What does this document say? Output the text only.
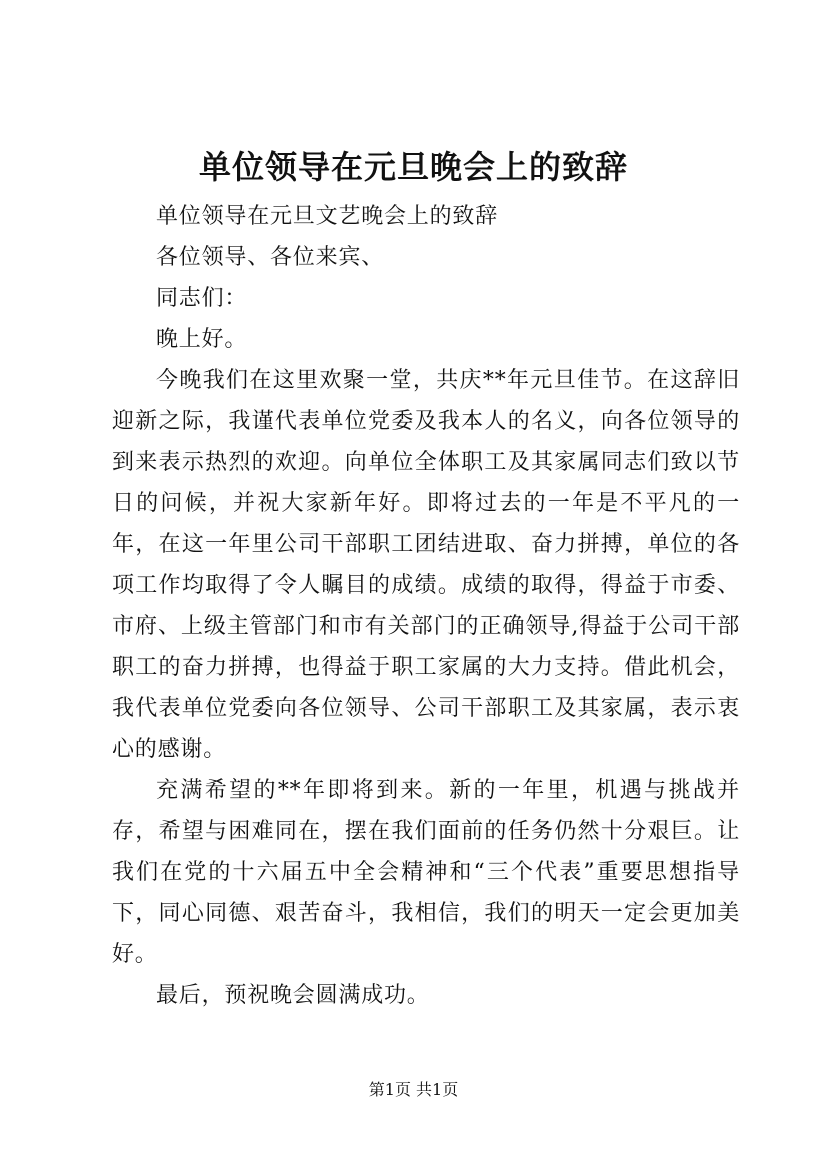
单位领导在元旦晚会上的致辞

单位领导在元旦文艺晚会上的致辞

各位领导、各位来宾、

同志们：

晚上好。

今晚我们在这里欢聚一堂，共庆**年元旦佳节。在这辞旧迎新之际，我谨代表单位党委及我本人的名义，向各位领导的到来表示热烈的欢迎。向单位全体职工及其家属同志们致以节日的问候，并祝大家新年好。即将过去的一年是不平凡的一年，在这一年里公司干部职工团结进取、奋力拼搏，单位的各项工作均取得了令人瞩目的成绩。成绩的取得，得益于市委、市府、上级主管部门和市有关部门的正确领导,得益于公司干部职工的奋力拼搏，也得益于职工家属的大力支持。借此机会，我代表单位党委向各位领导、公司干部职工及其家属，表示衷心的感谢。

充满希望的**年即将到来。新的一年里，机遇与挑战并存，希望与困难同在，摆在我们面前的任务仍然十分艰巨。让我们在党的十六届五中全会精神和“三个代表”重要思想指导下，同心同德、艰苦奋斗，我相信，我们的明天一定会更加美好。

最后，预祝晚会圆满成功。

第1页 共1页
